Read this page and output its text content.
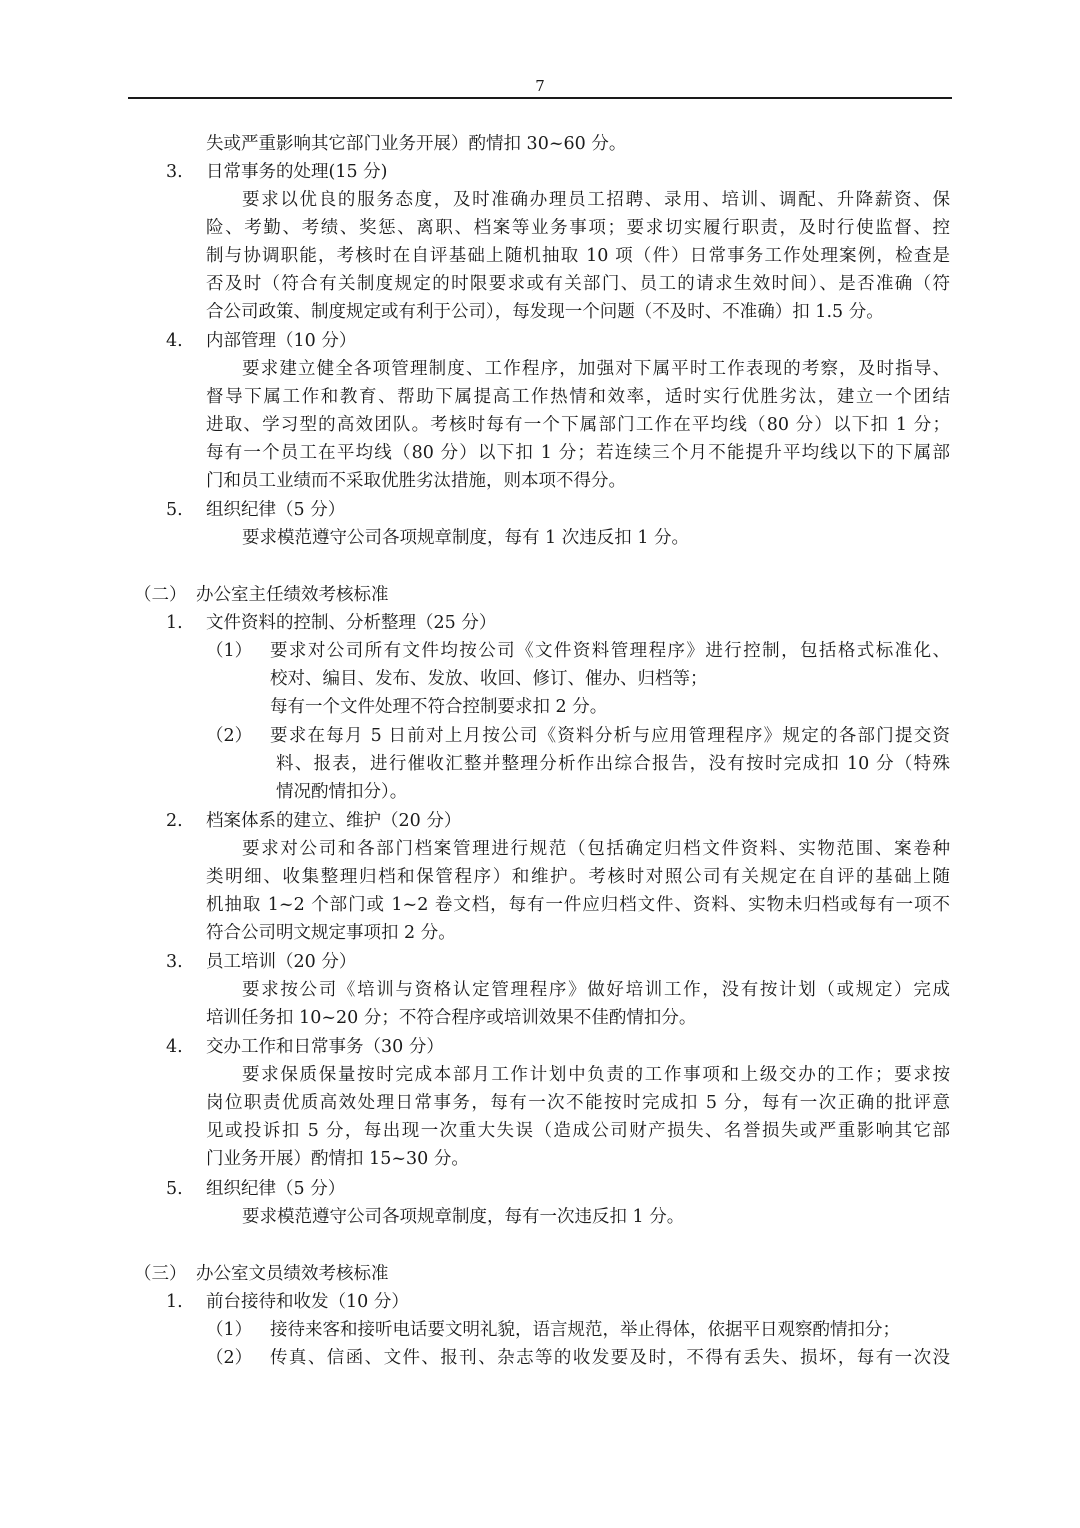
7
失或严重影响其它部门业务开展）酌情扣 30~60 分。
3. 日常事务的处理(15 分)
要求以优良的服务态度，及时准确办理员工招聘、录用、培训、调配、升降薪资、保
险、考勤、考绩、奖惩、离职、档案等业务事项；要求切实履行职责，及时行使监督、控
制与协调职能，考核时在自评基础上随机抽取 10 项（件）日常事务工作处理案例，检查是
否及时（符合有关制度规定的时限要求或有关部门、员工的请求生效时间）、是否准确（符
合公司政策、制度规定或有利于公司），每发现一个问题（不及时、不准确）扣 1.5 分。
4. 内部管理（10 分）
要求建立健全各项管理制度、工作程序，加强对下属平时工作表现的考察，及时指导、
督导下属工作和教育、帮助下属提高工作热情和效率，适时实行优胜劣汰，建立一个团结
进取、学习型的高效团队。考核时每有一个下属部门工作在平均线（80 分）以下扣 1 分；
每有一个员工在平均线（80 分）以下扣 1 分；若连续三个月不能提升平均线以下的下属部
门和员工业绩而不采取优胜劣汰措施，则本项不得分。
5. 组织纪律（5 分）
要求模范遵守公司各项规章制度，每有 1 次违反扣 1 分。
（二） 办公室主任绩效考核标准
1. 文件资料的控制、分析整理（25 分）
（1） 要求对公司所有文件均按公司《文件资料管理程序》进行控制，包括格式标准化、
校对、编目、发布、发放、收回、修订、催办、归档等；
每有一个文件处理不符合控制要求扣 2 分。
（2） 要求在每月 5 日前对上月按公司《资料分析与应用管理程序》规定的各部门提交资
料、报表，进行催收汇整并整理分析作出综合报告，没有按时完成扣 10 分（特殊
情况酌情扣分）。
2. 档案体系的建立、维护（20 分）
要求对公司和各部门档案管理进行规范（包括确定归档文件资料、实物范围、案卷种
类明细、收集整理归档和保管程序）和维护。考核时对照公司有关规定在自评的基础上随
机抽取 1~2 个部门或 1~2 卷文档，每有一件应归档文件、资料、实物未归档或每有一项不
符合公司明文规定事项扣 2 分。
3. 员工培训（20 分）
要求按公司《培训与资格认定管理程序》做好培训工作，没有按计划（或规定）完成
培训任务扣 10~20 分；不符合程序或培训效果不佳酌情扣分。
4. 交办工作和日常事务（30 分）
要求保质保量按时完成本部月工作计划中负责的工作事项和上级交办的工作；要求按
岗位职责优质高效处理日常事务，每有一次不能按时完成扣 5 分，每有一次正确的批评意
见或投诉扣 5 分，每出现一次重大失误（造成公司财产损失、名誉损失或严重影响其它部
门业务开展）酌情扣 15~30 分。
5. 组织纪律（5 分）
要求模范遵守公司各项规章制度，每有一次违反扣 1 分。
（三） 办公室文员绩效考核标准
1. 前台接待和收发（10 分）
（1） 接待来客和接听电话要文明礼貌，语言规范，举止得体，依据平日观察酌情扣分；
（2） 传真、信函、文件、报刊、杂志等的收发要及时，不得有丢失、损坏，每有一次没
